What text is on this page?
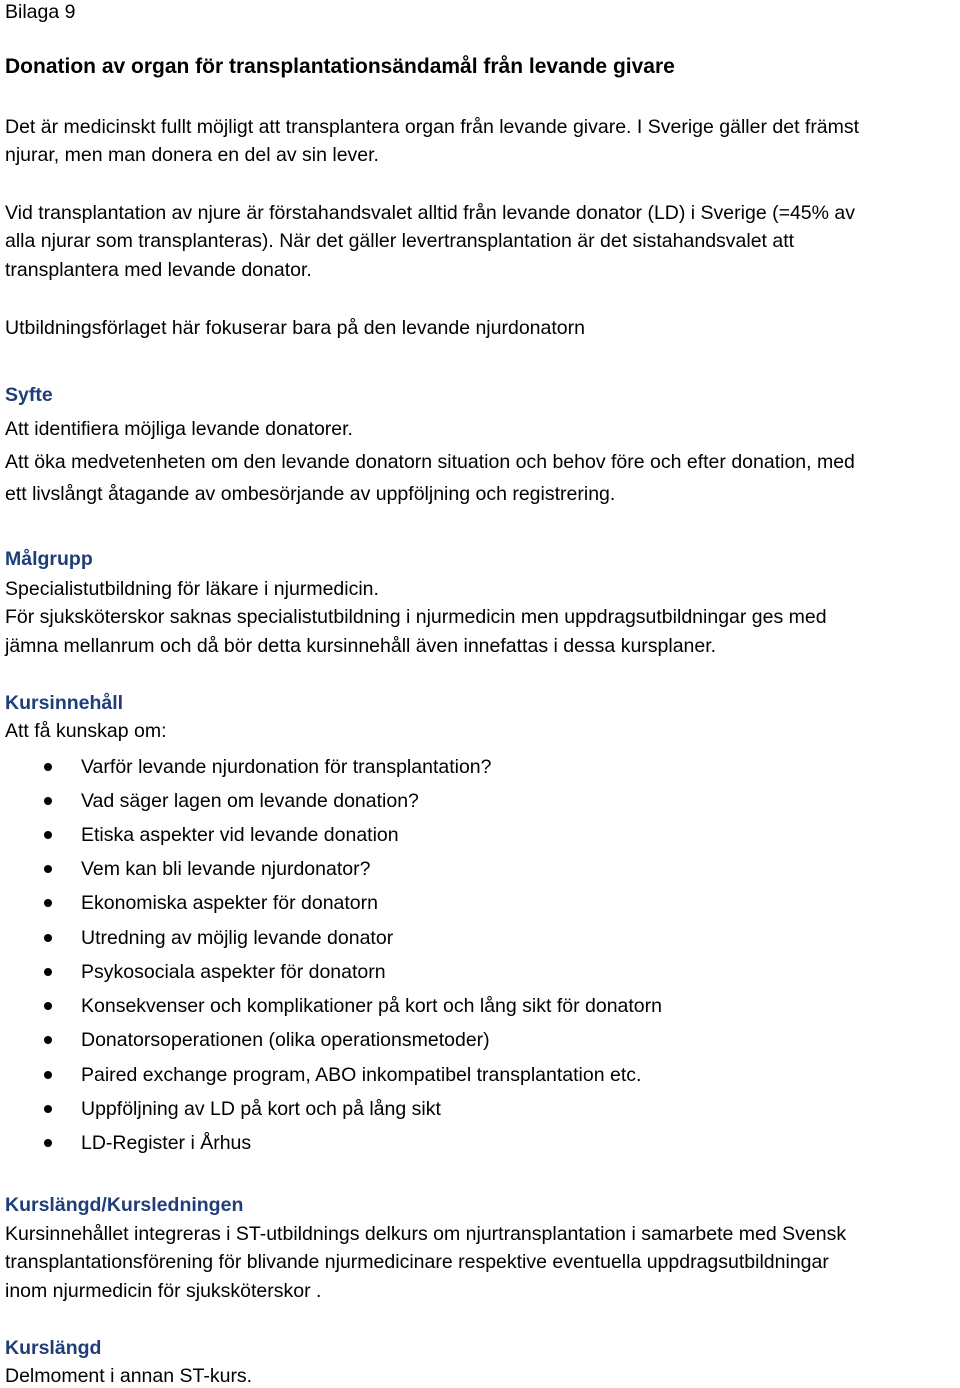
Bilaga 9
Donation av organ för transplantationsändamål från levande givare
Det är medicinskt fullt möjligt att transplantera organ från levande givare. I Sverige gäller det främst
njurar, men man donera en del av sin lever.
Vid transplantation av njure är förstahandsvalet alltid från levande donator (LD) i Sverige (=45% av
alla njurar som transplanteras). När det gäller levertransplantation är det sistahandsvalet att
transplantera med levande donator.
Utbildningsförlaget här fokuserar bara på den levande njurdonatorn
Syfte
Att identifiera möjliga levande donatorer.
Att öka medvetenheten om den levande donatorn situation och behov före och efter donation, med
ett livslångt åtagande av ombesörjande av uppföljning och registrering.
Målgrupp
Specialistutbildning för läkare i njurmedicin.
För sjuksköterskor saknas specialistutbildning i njurmedicin men uppdragsutbildningar ges med
jämna mellanrum och då bör detta kursinnehåll även innefattas i dessa kursplaner.
Kursinnehåll
Att få kunskap om:
Varför levande njurdonation för transplantation?
Vad säger lagen om levande donation?
Etiska aspekter vid levande donation
Vem kan bli levande njurdonator?
Ekonomiska aspekter för donatorn
Utredning av möjlig levande donator
Psykosociala aspekter för donatorn
Konsekvenser och komplikationer på kort och lång sikt för donatorn
Donatorsoperationen (olika operationsmetoder)
Paired exchange program, ABO inkompatibel transplantation etc.
Uppföljning av LD på kort och på lång sikt
LD-Register i Århus
Kurslängd/Kursledningen
Kursinnehållet integreras i ST-utbildnings delkurs om njurtransplantation i samarbete med Svensk
transplantationsförening för blivande njurmedicinare respektive eventuella uppdragsutbildningar
inom njurmedicin för sjuksköterskor .
Kurslängd
Delmoment i annan ST-kurs.
